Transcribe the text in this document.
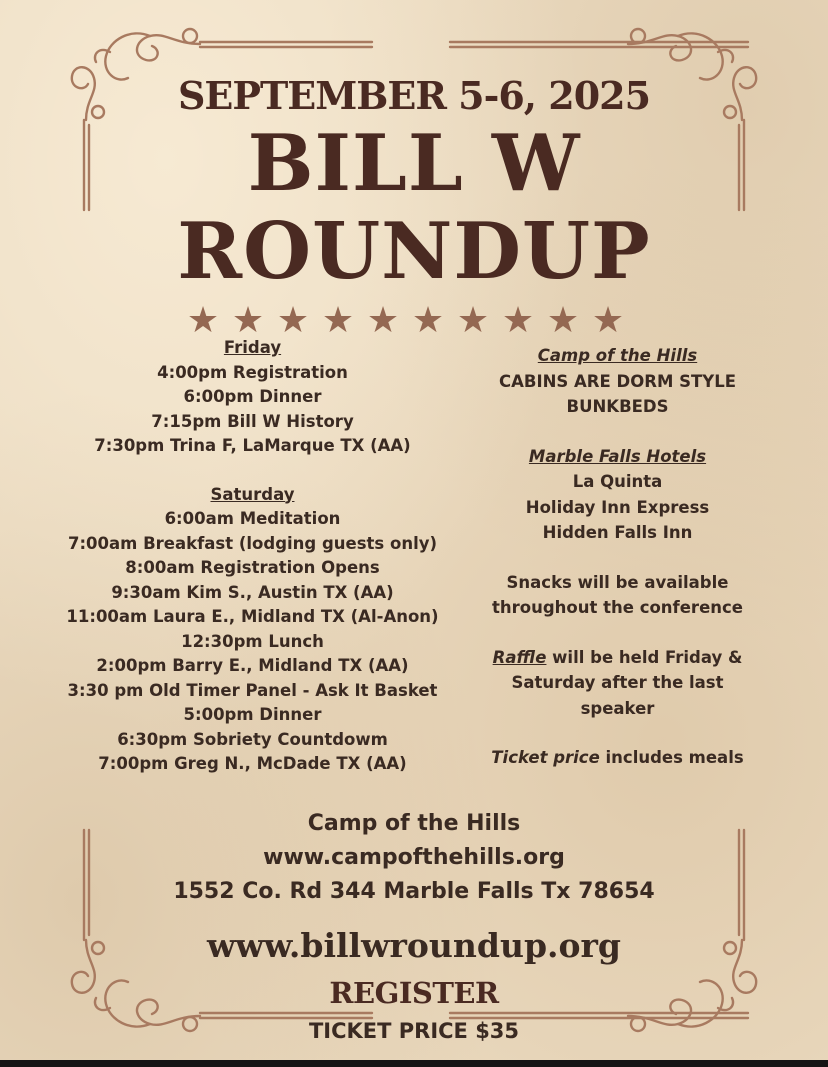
SEPTEMBER 5-6, 2025
BILL W
ROUNDUP
★ ★ ★ ★ ★ ★ ★ ★ ★ ★
Friday
4:00pm Registration
6:00pm Dinner
7:15pm Bill W History
7:30pm Trina F, LaMarque TX (AA)
Saturday
6:00am Meditation
7:00am Breakfast (lodging guests only)
8:00am Registration Opens
9:30am Kim S., Austin TX (AA)
11:00am Laura E., Midland TX (Al-Anon)
12:30pm Lunch
2:00pm Barry E., Midland TX (AA)
3:30 pm Old Timer Panel - Ask It Basket
5:00pm Dinner
6:30pm Sobriety Countdowm
7:00pm Greg N., McDade TX (AA)
Camp of the Hills
CABINS ARE DORM STYLE
BUNKBEDS
Marble Falls Hotels
La Quinta
Holiday Inn Express
Hidden Falls Inn
Snacks will be available
throughout the conference
Raffle will be held Friday &
Saturday after the last
speaker
Ticket price includes meals
Camp of the Hills
www.campofthehills.org
1552 Co. Rd 344 Marble Falls Tx 78654
www.billwroundup.org
REGISTER
TICKET PRICE $35
